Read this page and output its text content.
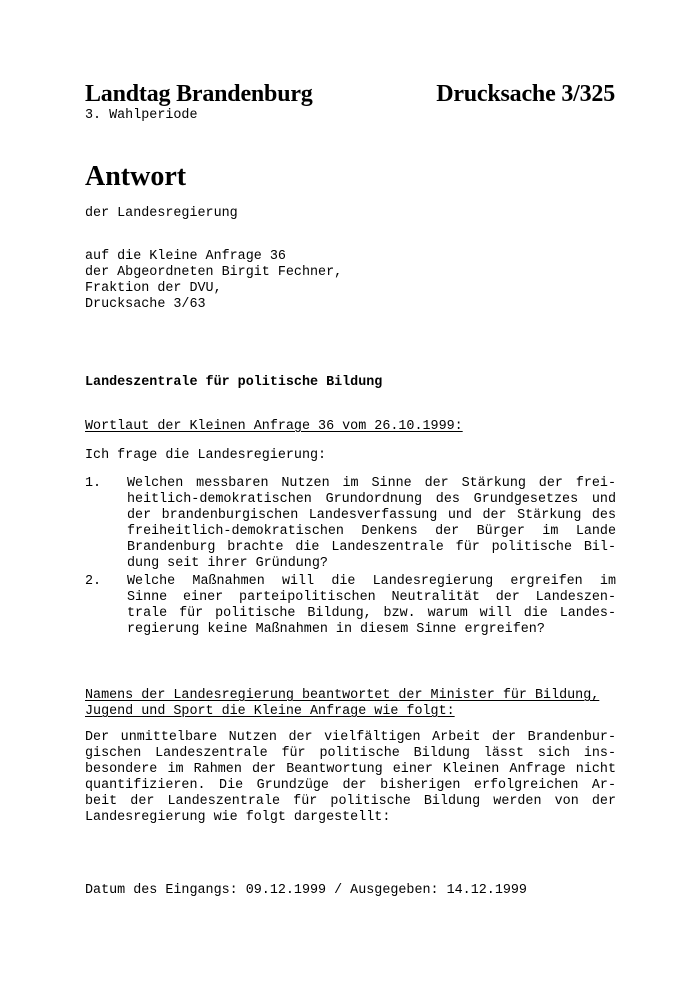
Landtag Brandenburg	Drucksache 3/325
3. Wahlperiode
Antwort
der Landesregierung
auf die Kleine Anfrage 36
der Abgeordneten Birgit Fechner,
Fraktion der DVU,
Drucksache 3/63
Landeszentrale für politische Bildung
Wortlaut der Kleinen Anfrage 36 vom 26.10.1999:
Ich frage die Landesregierung:
1. Welchen messbaren Nutzen im Sinne der Stärkung der frei-
heitlich-demokratischen Grundordnung des Grundgesetzes und
der brandenburgischen Landesverfassung und der Stärkung des
freiheitlich-demokratischen Denkens der Bürger im Lande
Brandenburg brachte die Landeszentrale für politische Bil-
dung seit ihrer Gründung?
2. Welche Maßnahmen will die Landesregierung ergreifen im
Sinne einer parteipolitischen Neutralität der Landeszen-
trale für politische Bildung, bzw. warum will die Landes-
regierung keine Maßnahmen in diesem Sinne ergreifen?
Namens der Landesregierung beantwortet der Minister für Bildung,
Jugend und Sport die Kleine Anfrage wie folgt:
Der unmittelbare Nutzen der vielfältigen Arbeit der Brandenbur-
gischen Landeszentrale für politische Bildung lässt sich ins-
besondere im Rahmen der Beantwortung einer Kleinen Anfrage nicht
quantifizieren. Die Grundzüge der bisherigen erfolgreichen Ar-
beit der Landeszentrale für politische Bildung werden von der
Landesregierung wie folgt dargestellt:
Datum des Eingangs: 09.12.1999 / Ausgegeben: 14.12.1999
